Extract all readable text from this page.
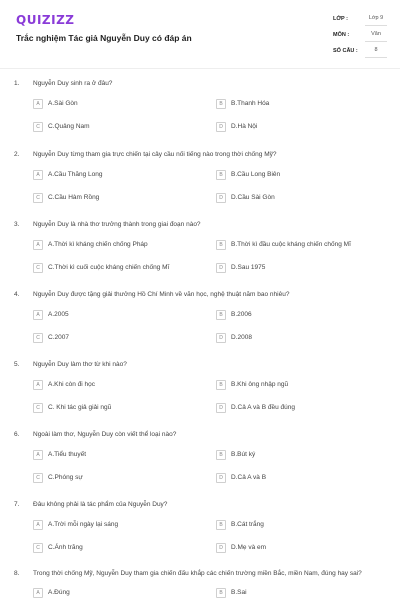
QUIZIZZ
Trắc nghiệm Tác giả Nguyễn Duy có đáp án
LỚP :	Lớp 9
MÔN :	Văn
SỐ CÂU :	8
1. Nguyễn Duy sinh ra ở đâu?
A	A.Sài Gòn	B	B.Thanh Hóa
C	C.Quảng Nam	D	D.Hà Nội
2. Nguyễn Duy từng tham gia trực chiến tại cây cầu nối tiếng nào trong thời chống Mỹ?
A	A.Cầu Thăng Long	B	B.Cầu Long Biên
C	C.Cầu Hàm Rồng	D	D.Cầu Sài Gòn
3. Nguyễn Duy là nhà thơ trưởng thành trong giai đoạn nào?
A	A.Thời kì kháng chiến chống Pháp	B	B.Thời kì đầu cuộc kháng chiến chống Mĩ
C	C.Thời kì cuối cuộc kháng chiến chống Mĩ	D	D.Sau 1975
4. Nguyễn Duy được tặng giải thưởng Hồ Chí Minh về văn học, nghệ thuật năm bao nhiêu?
A	A.2005	B	B.2006
C	C.2007	D	D.2008
5. Nguyễn Duy làm thơ từ khi nào?
A	A.Khi còn đi học	B	B.Khi ông nhập ngũ
C	C. Khi tác giả giải ngũ	D	D.Cả A và B đều đúng
6. Ngoài làm thơ, Nguyễn Duy còn viết thể loại nào?
A	A.Tiểu thuyết	B	B.Bút ký
C	C.Phóng sự	D	D.Cả A và B
7. Đâu không phải là tác phẩm của Nguyễn Duy?
A	A.Trời mỗi ngày lại sáng	B	B.Cát trắng
C	C.Ánh trăng	D	D.Mẹ và em
8. Trong thời chống Mỹ, Nguyễn Duy tham gia chiến đấu khắp các chiến trường miền Bắc, miền Nam, đúng hay sai?
A	A.Đúng	B	B.Sai
